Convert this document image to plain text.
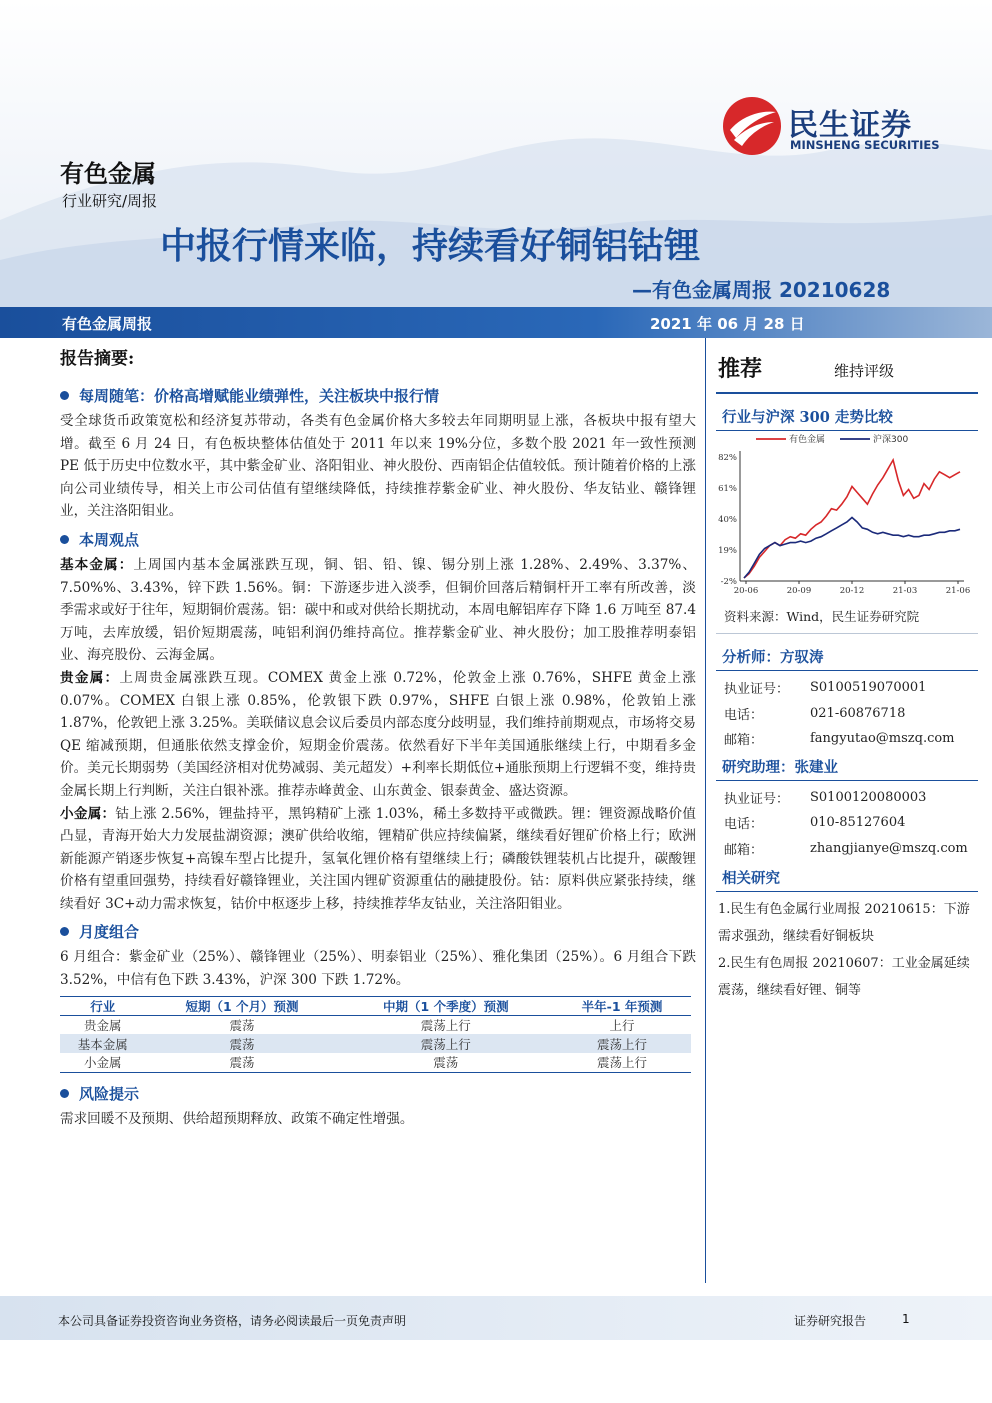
民生证券
MINSHENG SECURITIES
有色金属
行业研究/周报
中报行情来临，持续看好铜铝钴锂
—有色金属周报 20210628
有色金属周报	2021 年 06 月 28 日
报告摘要:
每周随笔：价格高增赋能业绩弹性，关注板块中报行情

受全球货币政策宽松和经济复苏带动，各类有色金属价格大多较去年同期明显上涨，各板块中报有望大增。截至 6 月 24 日，有色板块整体估值处于 2011 年以来 19%分位，多数个股 2021 年一致性预测 PE 低于历史中位数水平，其中紫金矿业、洛阳钼业、神火股份、西南铝企估值较低。预计随着价格的上涨向公司业绩传导，相关上市公司估值有望继续降低，持续推荐紫金矿业、神火股份、华友钴业、赣锋锂业，关注洛阳钼业。

本周观点

基本金属：上周国内基本金属涨跌互现，铜、铝、铅、镍、锡分别上涨 1.28%、2.49%、3.37%、7.50%%、3.43%，锌下跌 1.56%。铜：下游逐步进入淡季，但铜价回落后精铜杆开工率有所改善，淡季需求或好于往年，短期铜价震荡。铝：碳中和或对供给长期扰动，本周电解铝库存下降 1.6 万吨至 87.4 万吨，去库放缓，铝价短期震荡，吨铝利润仍维持高位。推荐紫金矿业、神火股份；加工股推荐明泰铝业、海亮股份、云海金属。

贵金属：上周贵金属涨跌互现。COMEX 黄金上涨 0.72%，伦敦金上涨 0.76%，SHFE 黄金上涨 0.07%。COMEX 白银上涨 0.85%，伦敦银下跌 0.97%，SHFE 白银上涨 0.98%，伦敦铂上涨 1.87%，伦敦钯上涨 3.25%。美联储议息会议后委员内部态度分歧明显，我们维持前期观点，市场将交易 QE 缩减预期，但通胀依然支撑金价，短期金价震荡。依然看好下半年美国通胀继续上行，中期看多金价。美元长期弱势（美国经济相对优势减弱、美元超发）+利率长期低位+通胀预期上行逻辑不变，维持贵金属长期上行判断，关注白银补涨。推荐赤峰黄金、山东黄金、银泰黄金、盛达资源。

小金属：钴上涨 2.56%，锂盐持平，黑钨精矿上涨 1.03%，稀土多数持平或微跌。锂：锂资源战略价值凸显，青海开始大力发展盐湖资源；澳矿供给收缩，锂精矿供应持续偏紧，继续看好锂矿价格上行；欧洲新能源产销逐步恢复+高镍车型占比提升，氢氧化锂价格有望继续上行；磷酸铁锂装机占比提升，碳酸锂价格有望重回强势，持续看好赣锋锂业，关注国内锂矿资源重估的融捷股份。钴：原料供应紧张持续，继续看好 3C+动力需求恢复，钴价中枢逐步上移，持续推荐华友钴业，关注洛阳钼业。

月度组合

6 月组合：紫金矿业（25%）、赣锋锂业（25%）、明泰铝业（25%）、雅化集团（25%）。6 月组合下跌 3.52%，中信有色下跌 3.43%，沪深 300 下跌 1.72%。

行业	短期（1 个月）预测	中期（1 个季度）预测	半年-1 年预测
贵金属	震荡	震荡上行	上行
基本金属	震荡	震荡上行	震荡上行
小金属	震荡	震荡	震荡上行
风险提示

需求回暖不及预期、供给超预期释放、政策不确定性增强。

推荐	维持评级
行业与沪深 300 走势比较
-2%
19%
40%
61%
82%
20-06	20-09	20-12	21-03	21-06
有色金属	沪深300
资料来源：Wind，民生证券研究院
分析师：方驭涛
执业证号：	S0100519070001
电话：	021-60876718
邮箱：	fangyutao@mszq.com
研究助理：张建业
执业证号：	S0100120080003
电话：	010-85127604
邮箱：	zhangjianye@mszq.com
相关研究
1.民生有色金属行业周报 20210615：下游需求强劲，继续看好铜板块
2.民生有色周报 20210607：工业金属延续震荡，继续看好锂、铜等
本公司具备证券投资咨询业务资格，请务必阅读最后一页免责声明	证券研究报告	1
